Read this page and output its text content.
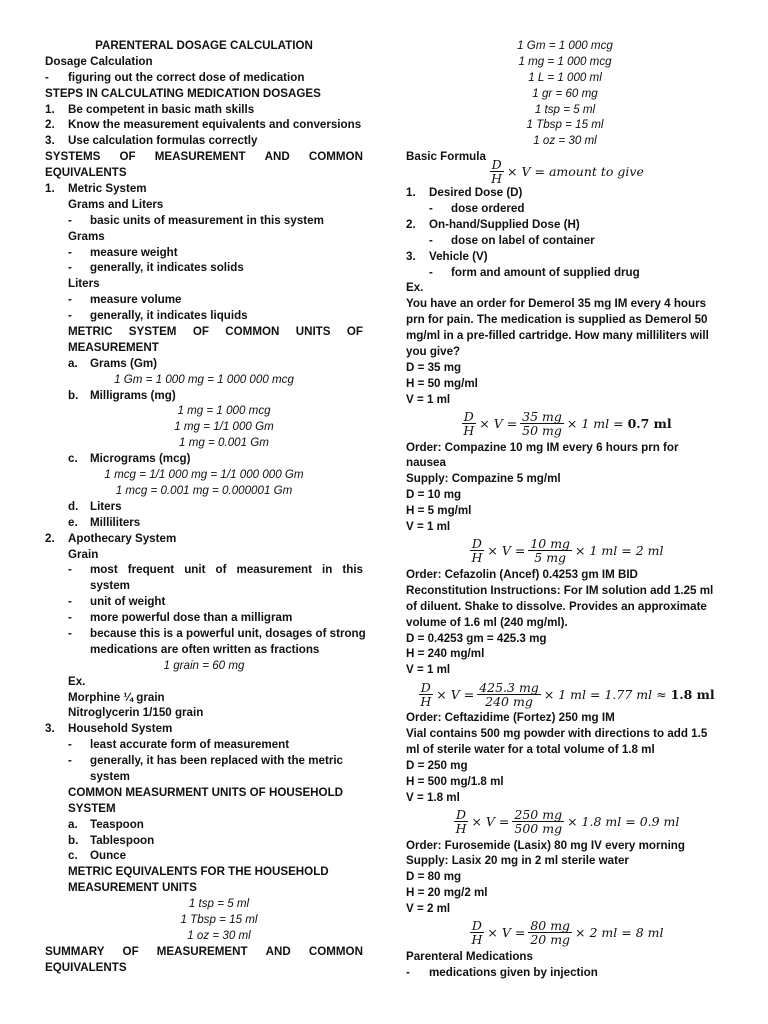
PARENTERAL DOSAGE CALCULATION
Dosage Calculation
- figuring out the correct dose of medication
STEPS IN CALCULATING MEDICATION DOSAGES
1. Be competent in basic math skills
2. Know the measurement equivalents and conversions
3. Use calculation formulas correctly
SYSTEMS OF MEASUREMENT AND COMMON
EQUIVALENTS
1. Metric System
Grams and Liters
- basic units of measurement in this system
Grams
- measure weight
- generally, it indicates solids
Liters
- measure volume
- generally, it indicates liquids
METRIC SYSTEM OF COMMON UNITS OF
MEASUREMENT
a. Grams (Gm)
1 Gm = 1 000 mg = 1 000 000 mcg
b. Milligrams (mg)
1 mg = 1 000 mcg
1 mg = 1/1 000 Gm
1 mg = 0.001 Gm
c. Micrograms (mcg)
1 mcg = 1/1 000 mg = 1/1 000 000 Gm
1 mcg = 0.001 mg = 0.000001 Gm
d. Liters
e. Milliliters
2. Apothecary System
Grain
- most frequent unit of measurement in this
system
- unit of weight
- more powerful dose than a milligram
- because this is a powerful unit, dosages of strong
medications are often written as fractions
1 grain = 60 mg
Ex.
Morphine ¼ grain
Nitroglycerin 1/150 grain
3. Household System
- least accurate form of measurement
- generally, it has been replaced with the metric
system
COMMON MEASURMENT UNITS OF HOUSEHOLD
SYSTEM
a. Teaspoon
b. Tablespoon
c. Ounce
METRIC EQUIVALENTS FOR THE HOUSEHOLD
MEASUREMENT UNITS
1 tsp = 5 ml
1 Tbsp = 15 ml
1 oz = 30 ml
SUMMARY OF MEASUREMENT AND COMMON
EQUIVALENTS
1 Gm = 1 000 mcg
1 mg = 1 000 mcg
1 L = 1 000 ml
1 gr = 60 mg
1 tsp = 5 ml
1 Tbsp = 15 ml
1 oz = 30 ml
Basic Formula
$\frac{D}{H} \times V$ = amount to give
1. Desired Dose (D)
- dose ordered
2. On-hand/Supplied Dose (H)
- dose on label of container
3. Vehicle (V)
- form and amount of supplied drug
Ex.
You have an order for Demerol 35 mg IM every 4 hours
prn for pain. The medication is supplied as Demerol 50
mg/ml in a pre-filled cartridge. How many milliliters will
you give?
D = 35 mg
H = 50 mg/ml
V = 1 ml
$\frac{D}{H} \times V = \frac{35 mg}{50 mg} \times 1$ ml = 0.7 ml
Order: Compazine 10 mg IM every 6 hours prn for
nausea
Supply: Compazine 5 mg/ml
D = 10 mg
H = 5 mg/ml
V = 1 ml
$\frac{D}{H} \times V = \frac{10 mg}{5 mg} \times 1$ ml = 2 ml
Order: Cefazolin (Ancef) 0.4253 gm IM BID
Reconstitution Instructions: For IM solution add 1.25 ml
of diluent. Shake to dissolve. Provides an approximate
volume of 1.6 ml (240 mg/ml).
D = 0.4253 gm = 425.3 mg
H = 240 mg/ml
V = 1 ml
$\frac{D}{H} \times V = \frac{425.3 mg}{240 mg} \times 1$ ml = 1.77 ml ≈ 1.8 ml
Order: Ceftazidime (Fortez) 250 mg IM
Vial contains 500 mg powder with directions to add 1.5
ml of sterile water for a total volume of 1.8 ml
D = 250 mg
H = 500 mg/1.8 ml
V = 1.8 ml
$\frac{D}{H} \times V = \frac{250 mg}{500 mg} \times 1.8$ ml = 0.9 ml
Order: Furosemide (Lasix) 80 mg IV every morning
Supply: Lasix 20 mg in 2 ml sterile water
D = 80 mg
H = 20 mg/2 ml
V = 2 ml
$\frac{D}{H} \times V = \frac{80 mg}{20 mg} \times 2$ ml = 8 ml
Parenteral Medications
- medications given by injection
